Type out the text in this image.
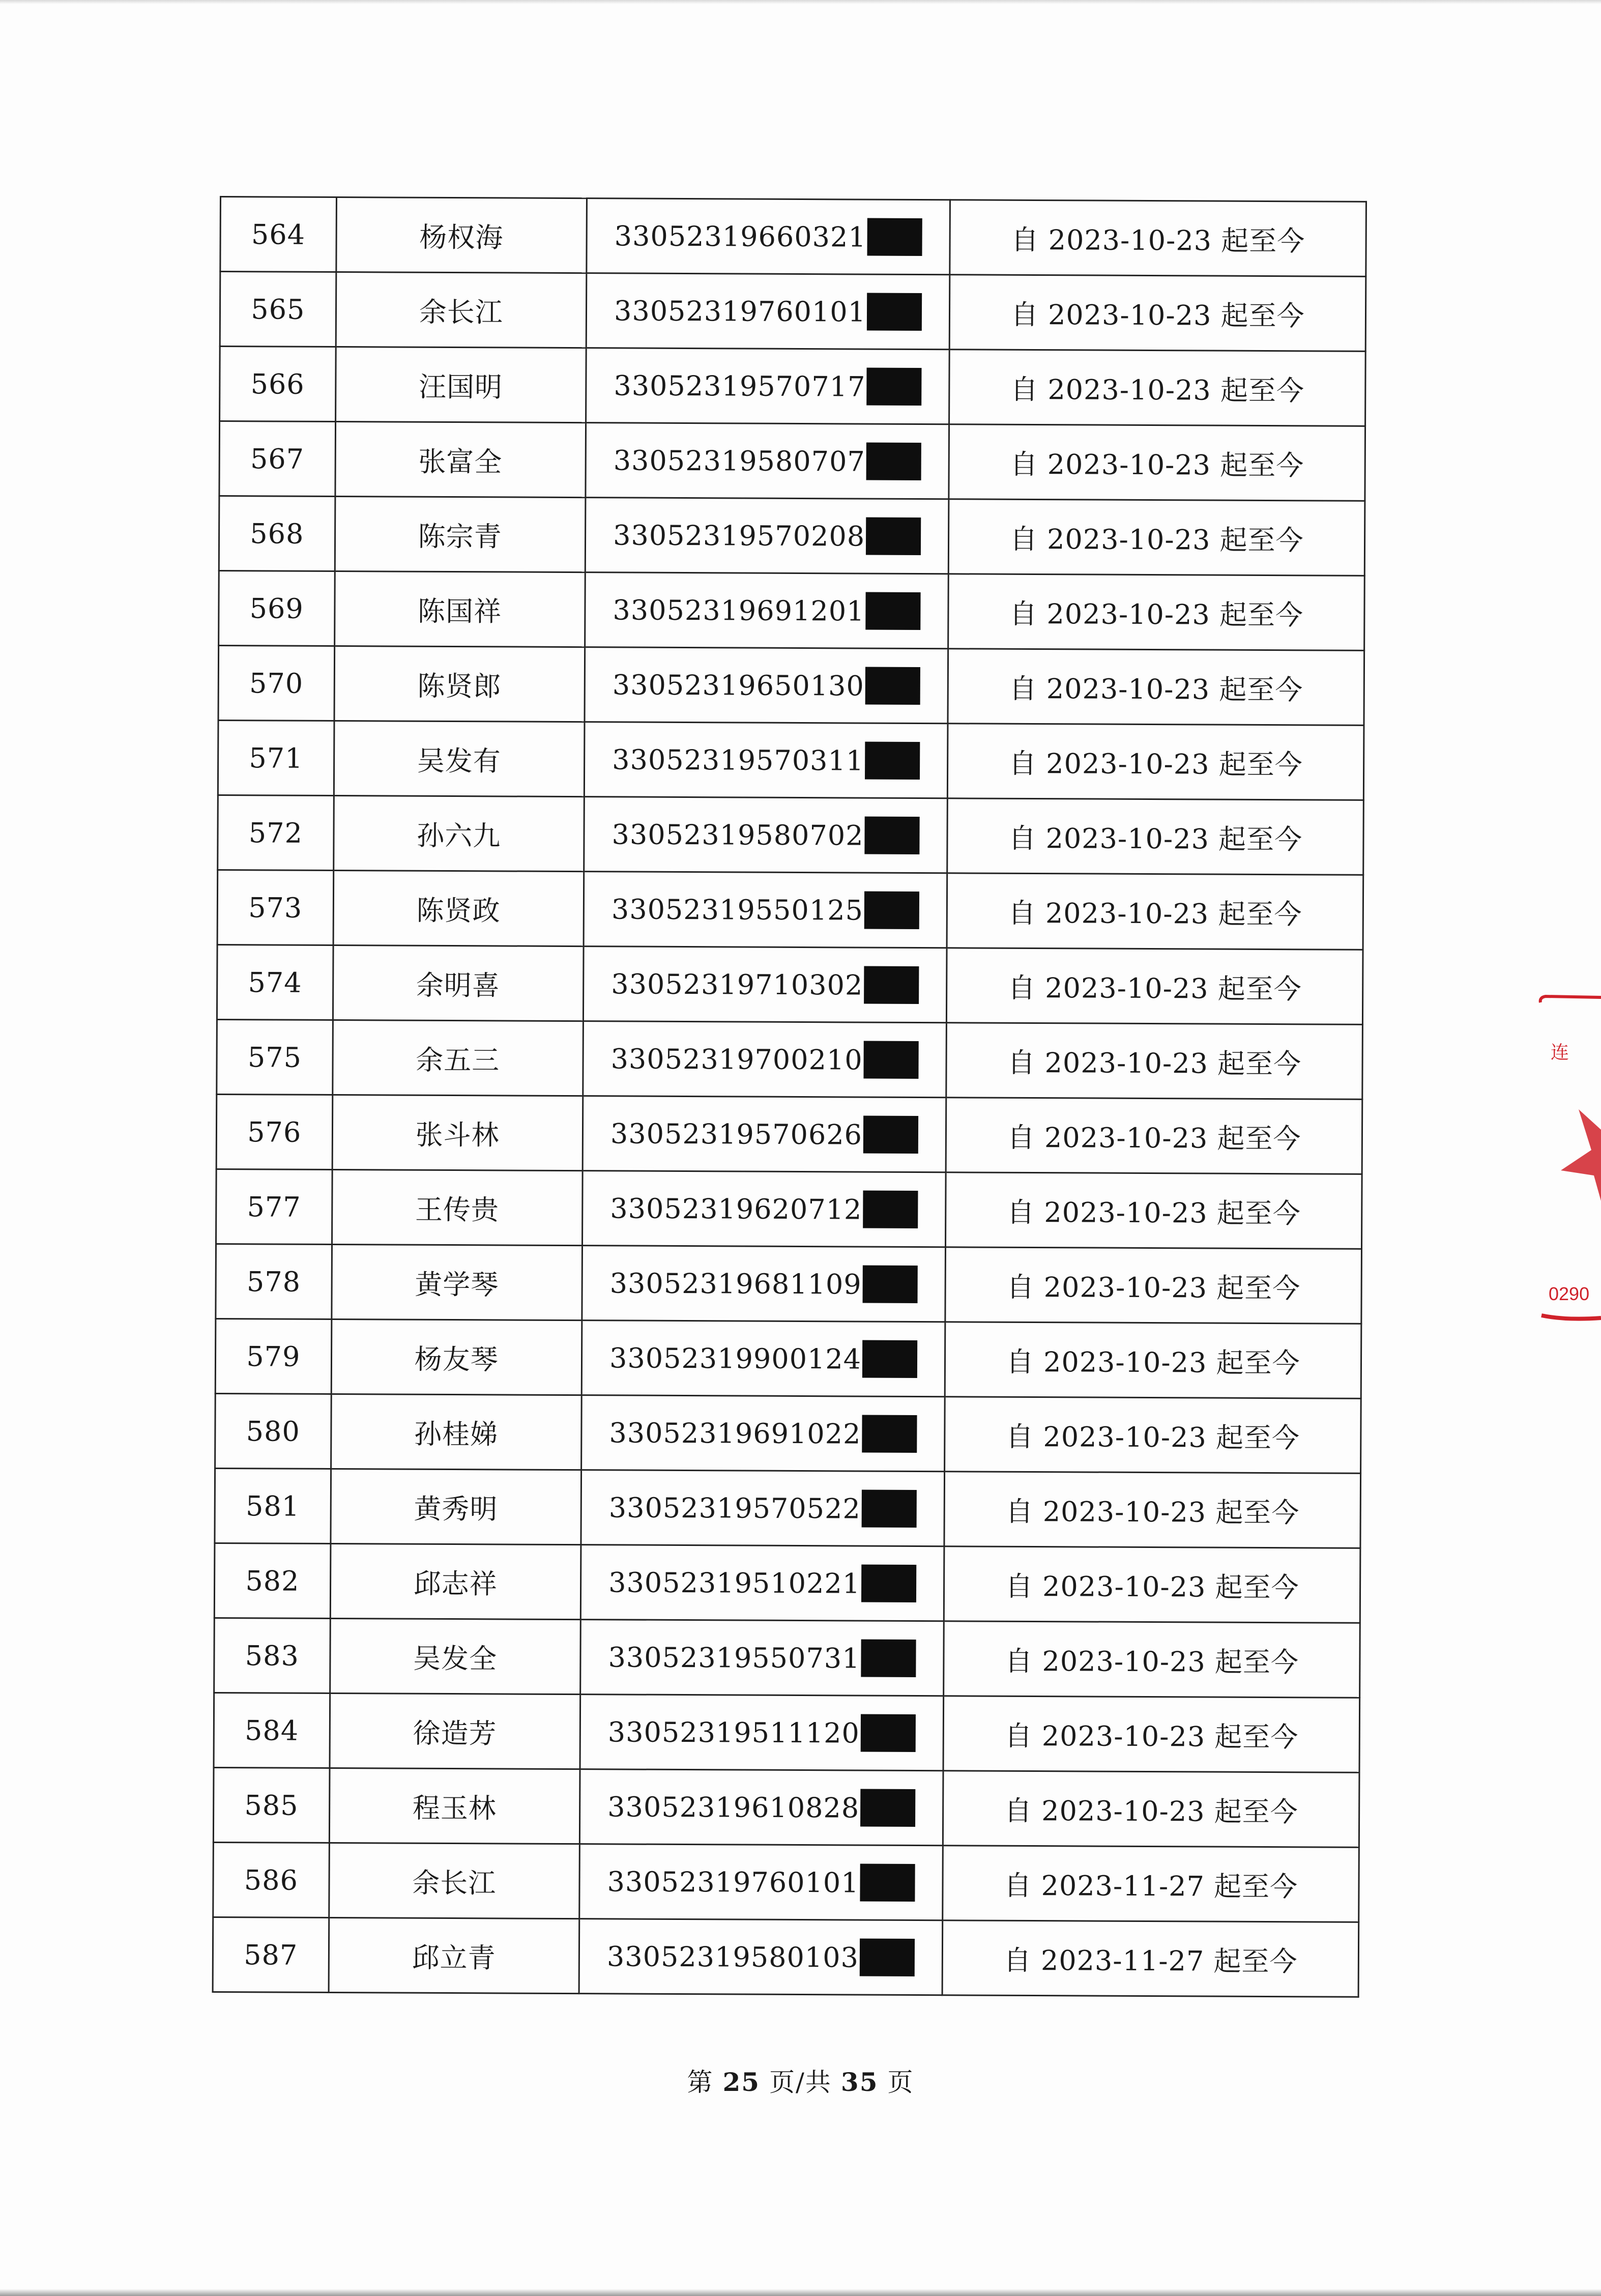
564	杨权海	33052319660321	自 2023-10-23 起至今
565	余长江	33052319760101	自 2023-10-23 起至今
566	汪国明	33052319570717	自 2023-10-23 起至今
567	张富全	33052319580707	自 2023-10-23 起至今
568	陈宗青	33052319570208	自 2023-10-23 起至今
569	陈国祥	33052319691201	自 2023-10-23 起至今
570	陈贤郎	33052319650130	自 2023-10-23 起至今
571	吴发有	33052319570311	自 2023-10-23 起至今
572	孙六九	33052319580702	自 2023-10-23 起至今
573	陈贤政	33052319550125	自 2023-10-23 起至今
574	余明喜	33052319710302	自 2023-10-23 起至今
575	余五三	33052319700210	自 2023-10-23 起至今
576	张斗林	33052319570626	自 2023-10-23 起至今
577	王传贵	33052319620712	自 2023-10-23 起至今
578	黄学琴	33052319681109	自 2023-10-23 起至今
579	杨友琴	33052319900124	自 2023-10-23 起至今
580	孙桂娣	33052319691022	自 2023-10-23 起至今
581	黄秀明	33052319570522	自 2023-10-23 起至今
582	邱志祥	33052319510221	自 2023-10-23 起至今
583	吴发全	33052319550731	自 2023-10-23 起至今
584	徐造芳	33052319511120	自 2023-10-23 起至今
585	程玉林	33052319610828	自 2023-10-23 起至今
586	余长江	33052319760101	自 2023-11-27 起至今
587	邱立青	33052319580103	自 2023-11-27 起至今
第 25 页/共 35 页
连
0290
